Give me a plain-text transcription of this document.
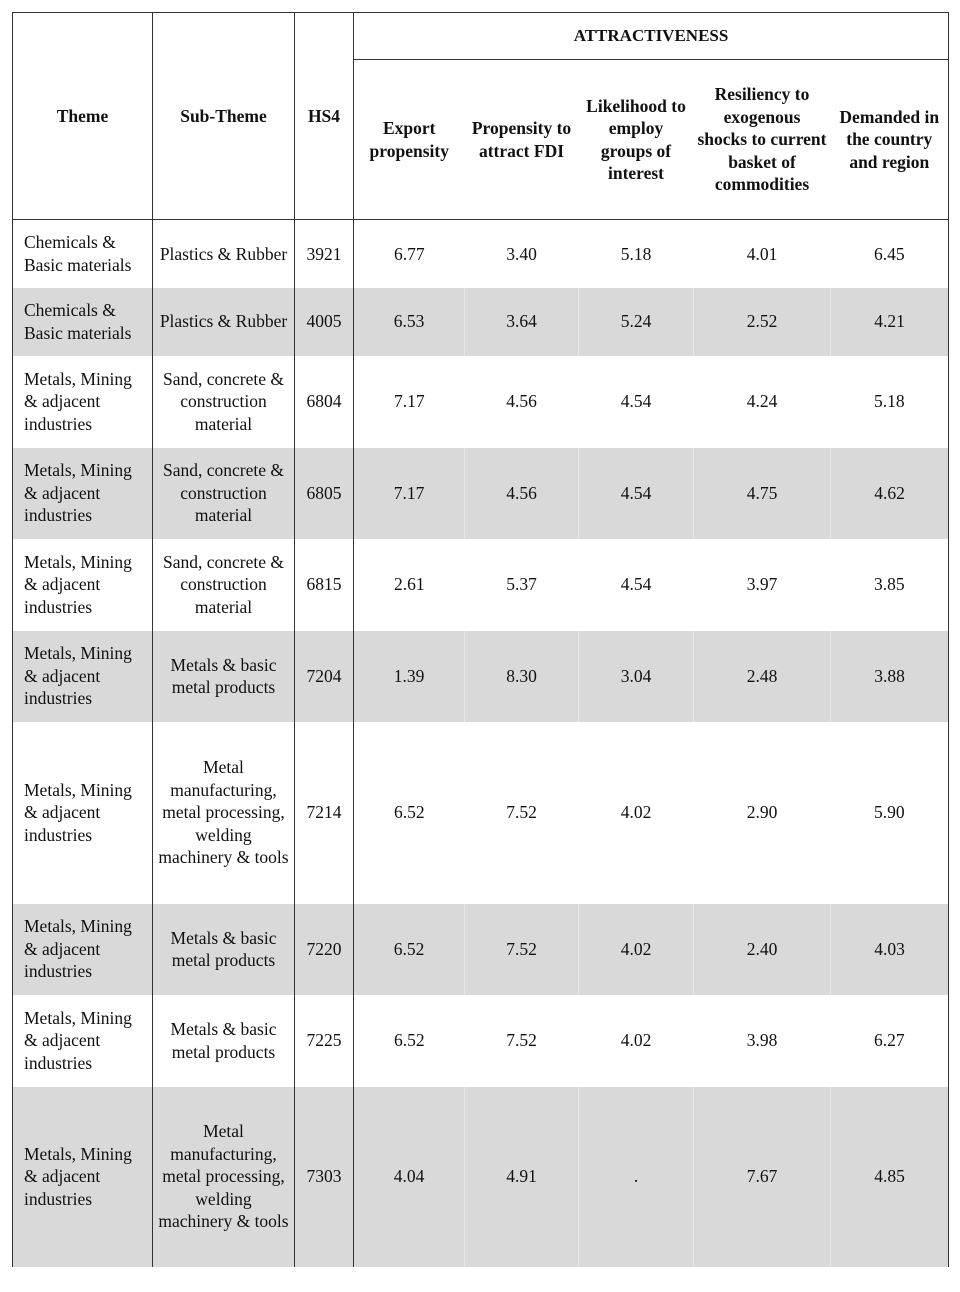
Theme	Sub-Theme	HS4	ATTRACTIVENESS				
			Export propensity	Propensity to attract FDI	Likelihood to employ groups of interest	Resiliency to exogenous shocks to current basket of commodities	Demanded in the country and region
Chemicals & Basic materials	Plastics & Rubber	3921	6.77	3.40	5.18	4.01	6.45
Chemicals & Basic materials	Plastics & Rubber	4005	6.53	3.64	5.24	2.52	4.21
Metals, Mining & adjacent industries	Sand, concrete & construction material	6804	7.17	4.56	4.54	4.24	5.18
Metals, Mining & adjacent industries	Sand, concrete & construction material	6805	7.17	4.56	4.54	4.75	4.62
Metals, Mining & adjacent industries	Sand, concrete & construction material	6815	2.61	5.37	4.54	3.97	3.85
Metals, Mining & adjacent industries	Metals & basic metal products	7204	1.39	8.30	3.04	2.48	3.88
Metals, Mining & adjacent industries	Metal manufacturing, metal processing, welding machinery & tools	7214	6.52	7.52	4.02	2.90	5.90
Metals, Mining & adjacent industries	Metals & basic metal products	7220	6.52	7.52	4.02	2.40	4.03
Metals, Mining & adjacent industries	Metals & basic metal products	7225	6.52	7.52	4.02	3.98	6.27
Metals, Mining & adjacent industries	Metal manufacturing, metal processing, welding machinery & tools	7303	4.04	4.91	.	7.67	4.85
